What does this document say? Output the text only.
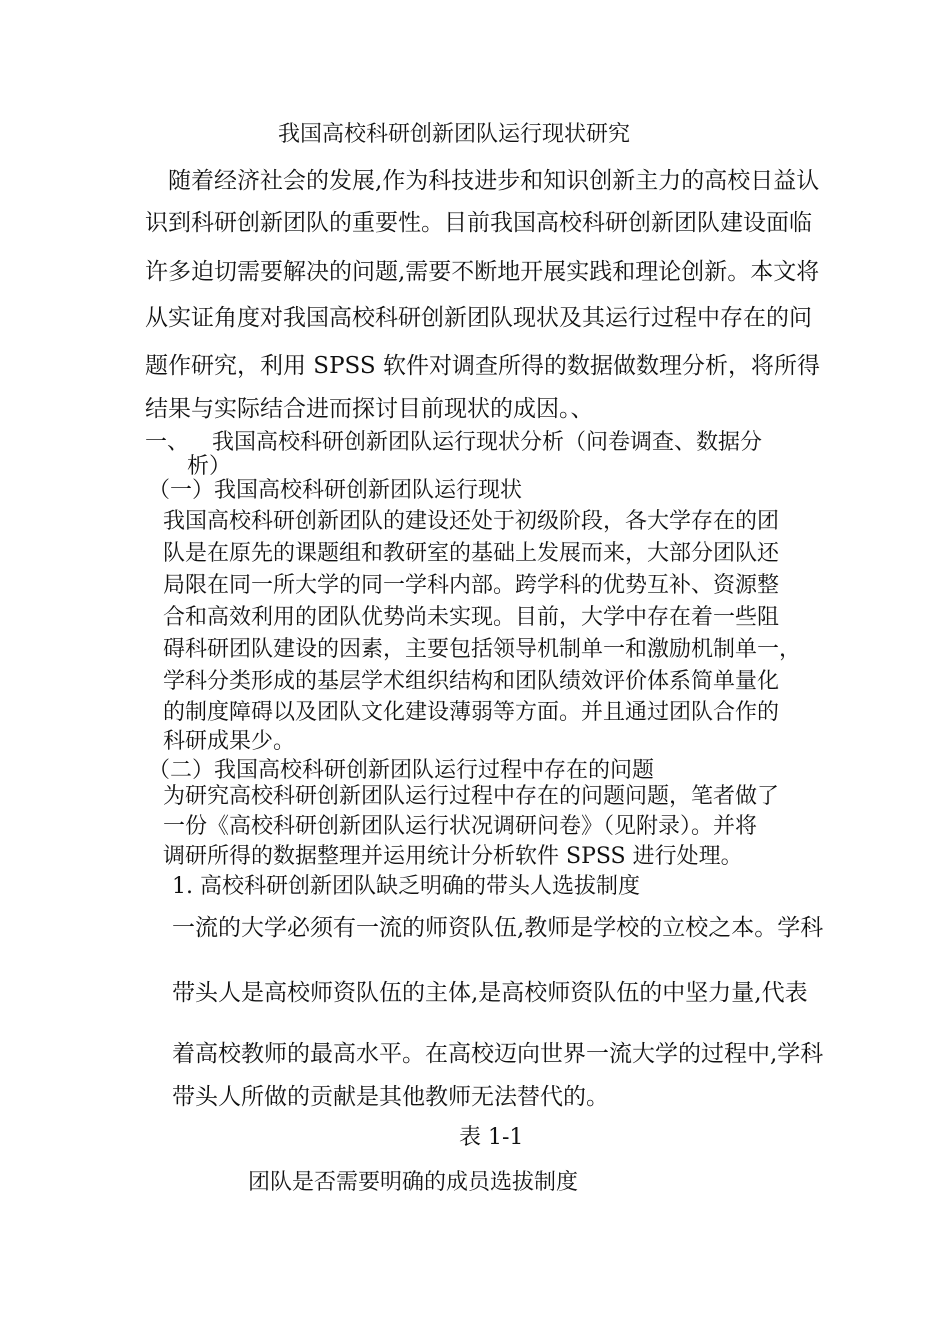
我国高校科研创新团队运行现状研究
随着经济社会的发展,作为科技进步和知识创新主力的高校日益认
识到科研创新团队的重要性。目前我国高校科研创新团队建设面临
许多迫切需要解决的问题,需要不断地开展实践和理论创新。本文将
从实证角度对我国高校科研创新团队现状及其运行过程中存在的问
题作研究，利用 SPSS 软件对调查所得的数据做数理分析，将所得
结果与实际结合进而探讨目前现状的成因。、
一、 我国高校科研创新团队运行现状分析（问卷调查、数据分
析）
（一）我国高校科研创新团队运行现状
我国高校科研创新团队的建设还处于初级阶段，各大学存在的团
队是在原先的课题组和教研室的基础上发展而来，大部分团队还
局限在同一所大学的同一学科内部。跨学科的优势互补、资源整
合和高效利用的团队优势尚未实现。目前，大学中存在着一些阻
碍科研团队建设的因素，主要包括领导机制单一和激励机制单一，
学科分类形成的基层学术组织结构和团队绩效评价体系简单量化
的制度障碍以及团队文化建设薄弱等方面。并且通过团队合作的
科研成果少。
（二）我国高校科研创新团队运行过程中存在的问题
为研究高校科研创新团队运行过程中存在的问题问题，笔者做了
一份《高校科研创新团队运行状况调研问卷》（见附录）。并将
调研所得的数据整理并运用统计分析软件 SPSS 进行处理。
1. 高校科研创新团队缺乏明确的带头人选拔制度
一流的大学必须有一流的师资队伍,教师是学校的立校之本。学科
带头人是高校师资队伍的主体,是高校师资队伍的中坚力量,代表
着高校教师的最高水平。在高校迈向世界一流大学的过程中,学科
带头人所做的贡献是其他教师无法替代的。
表 1-1
团队是否需要明确的成员选拔制度
